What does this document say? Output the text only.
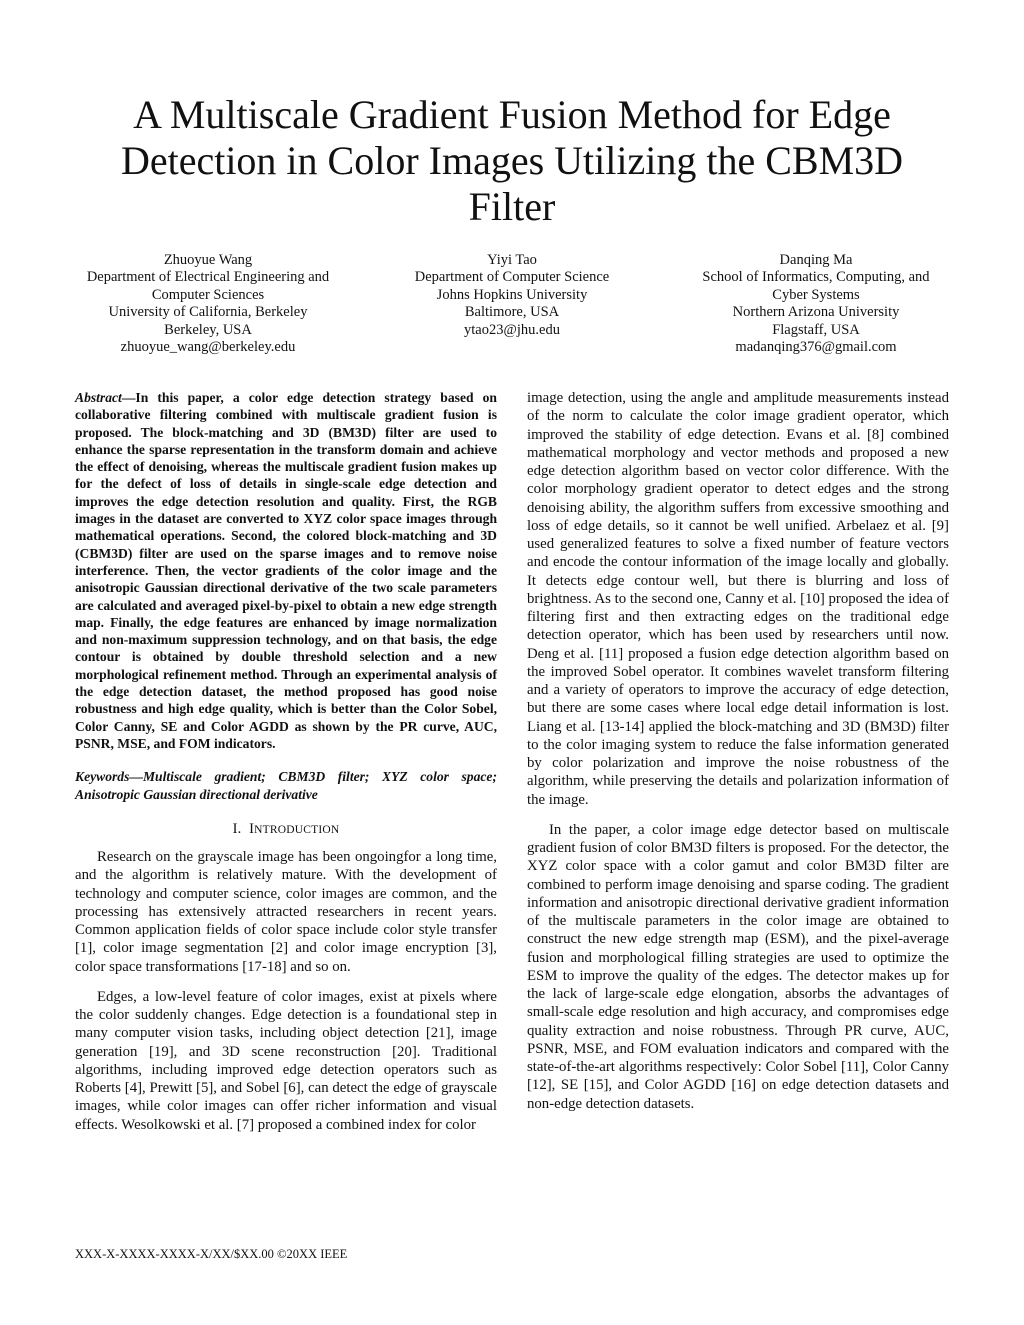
A Multiscale Gradient Fusion Method for Edge
Detection in Color Images Utilizing the CBM3D
Filter
Zhuoyue Wang
Department of Electrical Engineering and
Computer Sciences
University of California, Berkeley
Berkeley, USA
zhuoyue_wang@berkeley.edu
Yiyi Tao
Department of Computer Science
Johns Hopkins University
Baltimore, USA
ytao23@jhu.edu
Danqing Ma
School of Informatics, Computing, and
Cyber Systems
Northern Arizona University
Flagstaff, USA
madanqing376@gmail.com

Abstract—In this paper, a color edge detection strategy based on collaborative filtering combined with multiscale gradient fusion is proposed. The block-matching and 3D (BM3D) filter are used to enhance the sparse representation in the transform domain and achieve the effect of denoising, whereas the multiscale gradient fusion makes up for the defect of loss of details in single-scale edge detection and improves the edge detection resolution and quality. First, the RGB images in the dataset are converted to XYZ color space images through mathematical operations. Second, the colored block-matching and 3D (CBM3D) filter are used on the sparse images and to remove noise interference. Then, the vector gradients of the color image and the anisotropic Gaussian directional derivative of the two scale parameters are calculated and averaged pixel-by-pixel to obtain a new edge strength map. Finally, the edge features are enhanced by image normalization and non-maximum suppression technology, and on that basis, the edge contour is obtained by double threshold selection and a new morphological refinement method. Through an experimental analysis of the edge detection dataset, the method proposed has good noise robustness and high edge quality, which is better than the Color Sobel, Color Canny, SE and Color AGDD as shown by the PR curve, AUC, PSNR, MSE, and FOM indicators.

Keywords—Multiscale gradient; CBM3D filter; XYZ color space; Anisotropic Gaussian directional derivative

I. INTRODUCTION

Research on the grayscale image has been ongoingfor a long time, and the algorithm is relatively mature. With the development of technology and computer science, color images are common, and the processing has extensively attracted researchers in recent years. Common application fields of color space include color style transfer [1], color image segmentation [2] and color image encryption [3], color space transformations [17-18] and so on.

Edges, a low-level feature of color images, exist at pixels where the color suddenly changes. Edge detection is a foundational step in many computer vision tasks, including object detection [21], image generation [19], and 3D scene reconstruction [20]. Traditional algorithms, including improved edge detection operators such as Roberts [4], Prewitt [5], and Sobel [6], can detect the edge of grayscale images, while color images can offer richer information and visual effects. Wesolkowski et al. [7] proposed a combined index for color

image detection, using the angle and amplitude measurements instead of the norm to calculate the color image gradient operator, which improved the stability of edge detection. Evans et al. [8] combined mathematical morphology and vector methods and proposed a new edge detection algorithm based on vector color difference. With the color morphology gradient operator to detect edges and the strong denoising ability, the algorithm suffers from excessive smoothing and loss of edge details, so it cannot be well unified. Arbelaez et al. [9] used generalized features to solve a fixed number of feature vectors and encode the contour information of the image locally and globally. It detects edge contour well, but there is blurring and loss of brightness. As to the second one, Canny et al. [10] proposed the idea of filtering first and then extracting edges on the traditional edge detection operator, which has been used by researchers until now. Deng et al. [11] proposed a fusion edge detection algorithm based on the improved Sobel operator. It combines wavelet transform filtering and a variety of operators to improve the accuracy of edge detection, but there are some cases where local edge detail information is lost. Liang et al. [13-14] applied the block-matching and 3D (BM3D) filter to the color imaging system to reduce the false information generated by color polarization and improve the noise robustness of the algorithm, while preserving the details and polarization information of the image.

In the paper, a color image edge detector based on multiscale gradient fusion of color BM3D filters is proposed. For the detector, the XYZ color space with a color gamut and color BM3D filter are combined to perform image denoising and sparse coding. The gradient information and anisotropic directional derivative gradient information of the multiscale parameters in the color image are obtained to construct the new edge strength map (ESM), and the pixel-average fusion and morphological filling strategies are used to optimize the ESM to improve the quality of the edges. The detector makes up for the lack of large-scale edge elongation, absorbs the advantages of small-scale edge resolution and high accuracy, and compromises edge quality extraction and noise robustness. Through PR curve, AUC, PSNR, MSE, and FOM evaluation indicators and compared with the state-of-the-art algorithms respectively: Color Sobel [11], Color Canny [12], SE [15], and Color AGDD [16] on edge detection datasets and non-edge detection datasets.

XXX-X-XXXX-XXXX-X/XX/$XX.00 ©20XX IEEE
